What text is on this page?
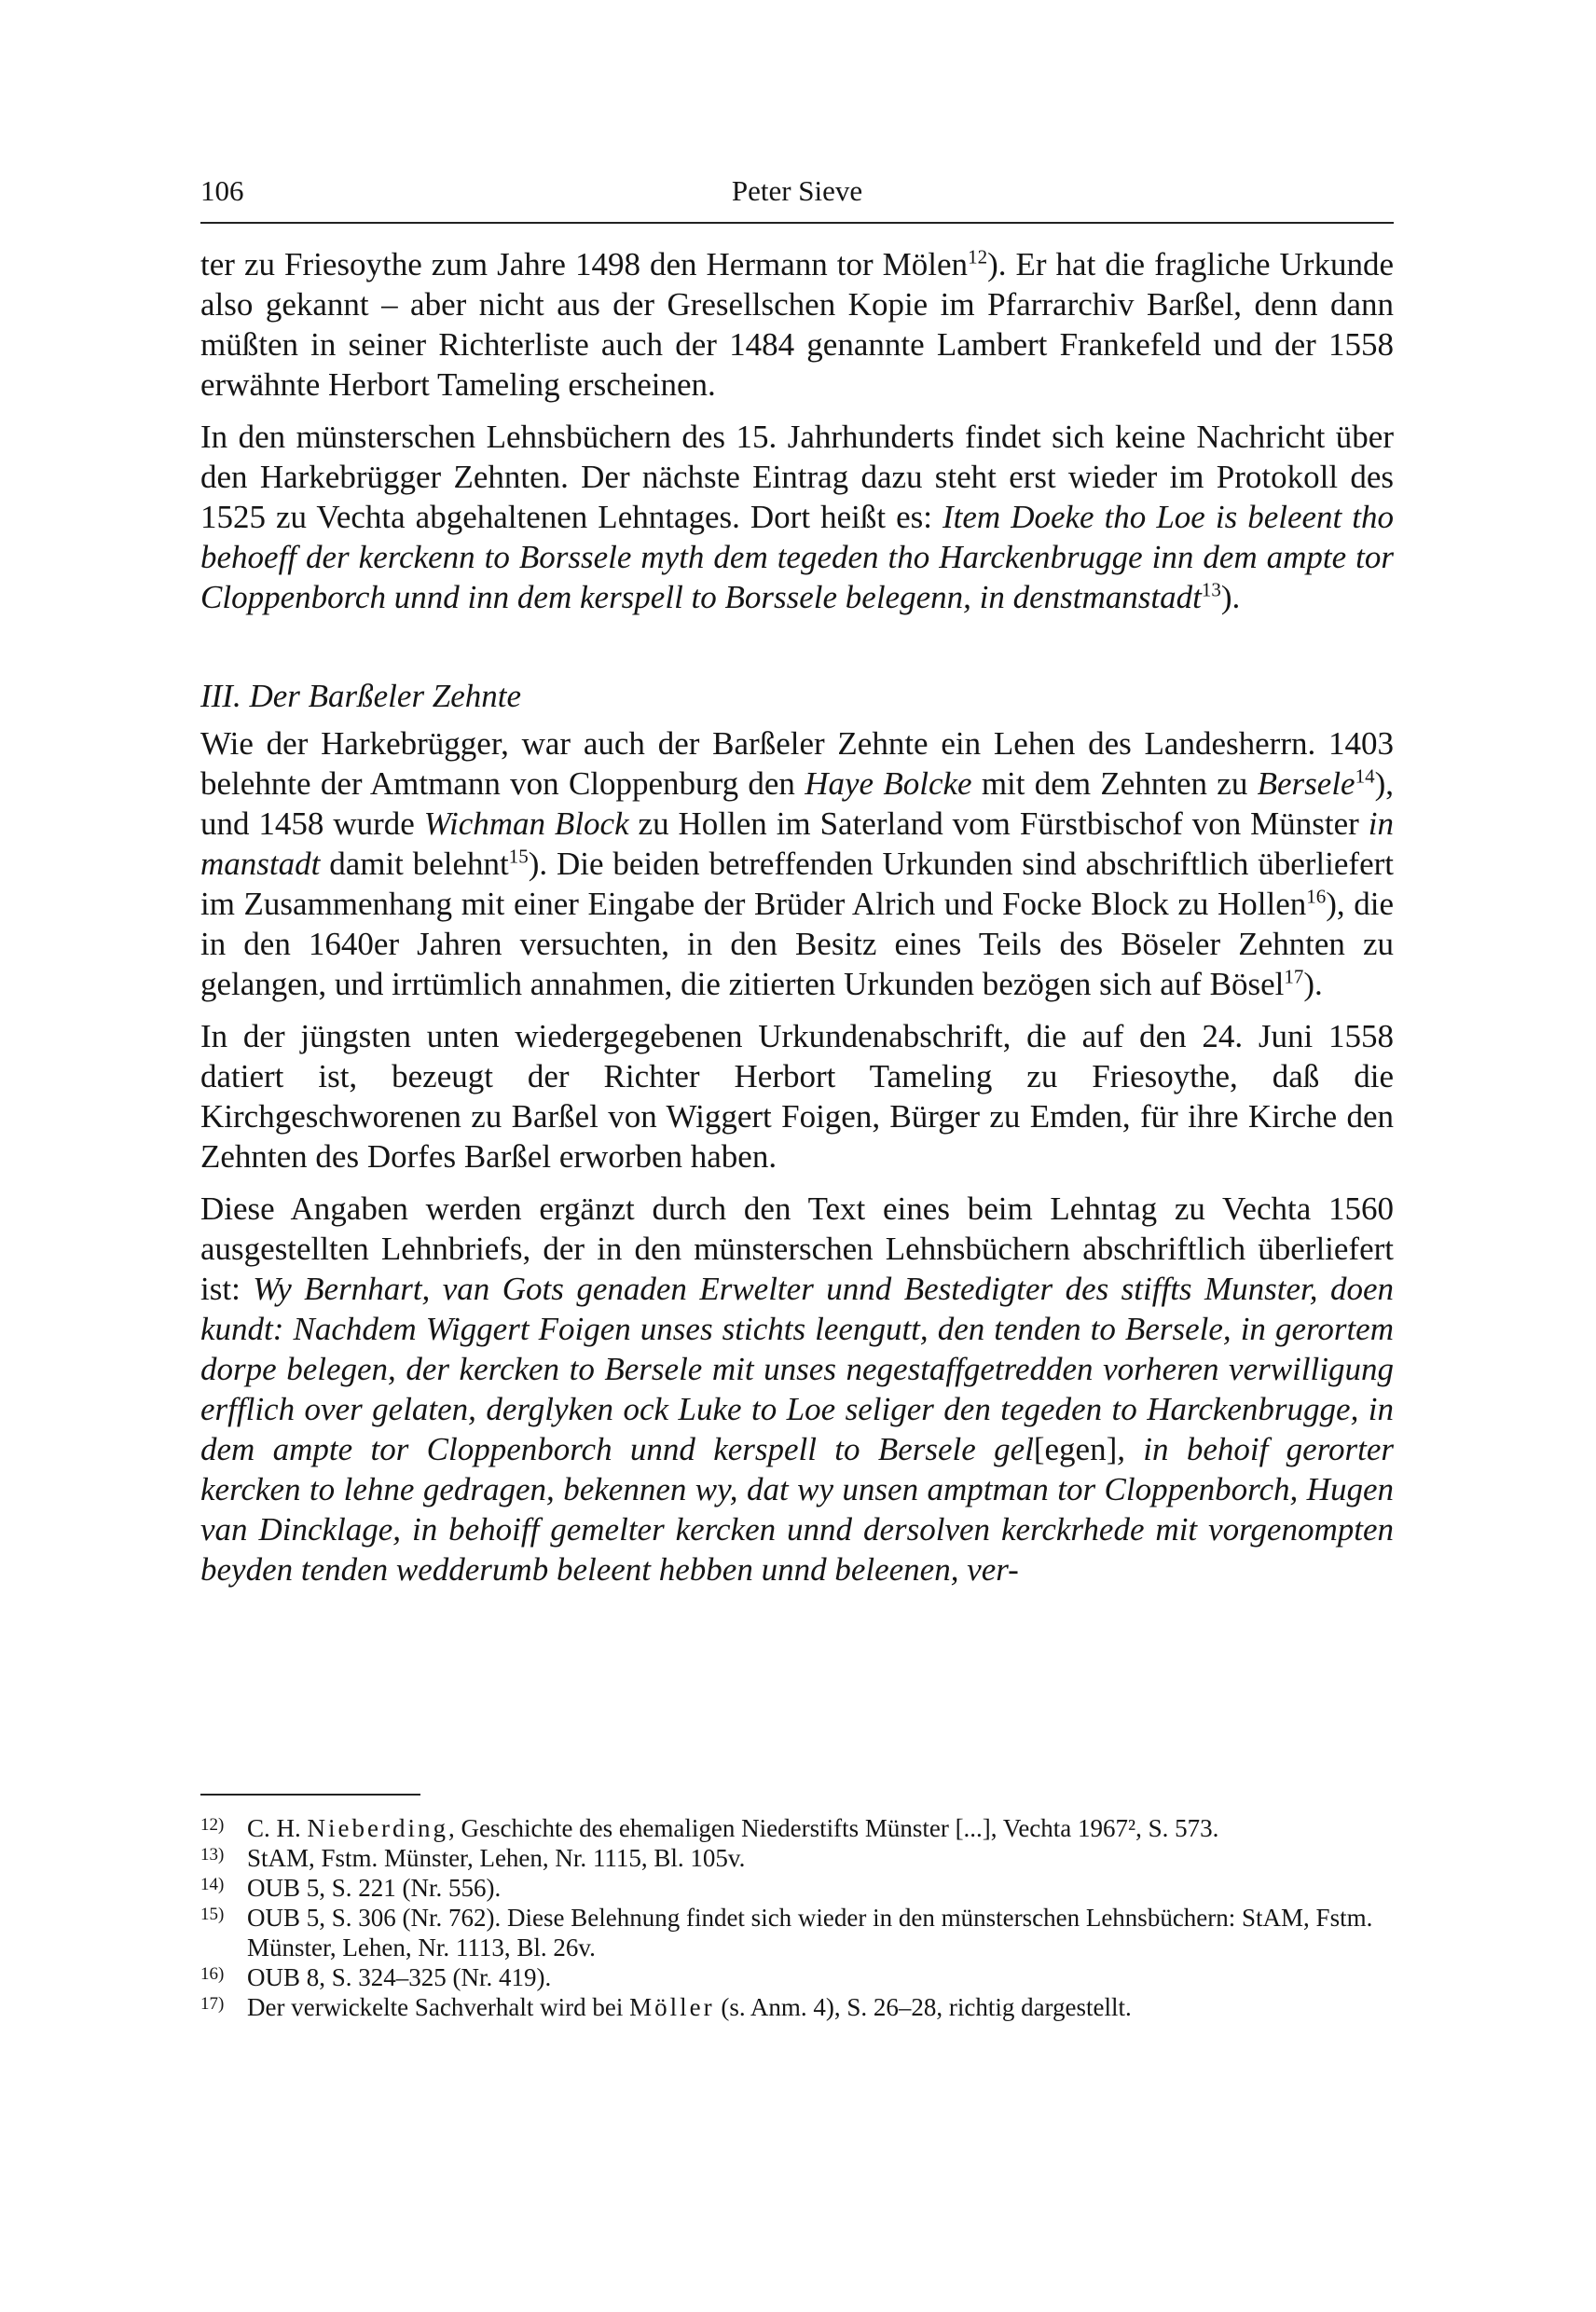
106	Peter Sieve

ter zu Friesoythe zum Jahre 1498 den Hermann tor Mölen$^{12}$). Er hat die fragliche Urkunde also gekannt – aber nicht aus der Gresellschen Kopie im Pfarrarchiv Barßel, denn dann müßten in seiner Richterliste auch der 1484 genannte Lambert Frankefeld und der 1558 erwähnte Herbort Tameling erscheinen.

In den münsterschen Lehnsbüchern des 15. Jahrhunderts findet sich keine Nachricht über den Harkebrügger Zehnten. Der nächste Eintrag dazu steht erst wieder im Protokoll des 1525 zu Vechta abgehaltenen Lehntages. Dort heißt es: Item Doeke tho Loe is beleent tho behoeff der kerckenn to Borssele myth dem tegeden tho Harckenbrugge inn dem ampte tor Cloppenborch unnd inn dem kerspell to Borssele belegenn, in denstmanstadt$^{13}$).

III. Der Barßeler Zehnte

Wie der Harkebrügger, war auch der Barßeler Zehnte ein Lehen des Landesherrn. 1403 belehnte der Amtmann von Cloppenburg den Haye Bolcke mit dem Zehnten zu Bersele$^{14}$), und 1458 wurde Wichman Block zu Hollen im Saterland vom Fürstbischof von Münster in manstadt damit belehnt$^{15}$). Die beiden betreffenden Urkunden sind abschriftlich überliefert im Zusammenhang mit einer Eingabe der Brüder Alrich und Focke Block zu Hollen$^{16}$), die in den 1640er Jahren versuchten, in den Besitz eines Teils des Böseler Zehnten zu gelangen, und irrtümlich annahmen, die zitierten Urkunden bezögen sich auf Bösel$^{17}$).

In der jüngsten unten wiedergegebenen Urkundenabschrift, die auf den 24. Juni 1558 datiert ist, bezeugt der Richter Herbort Tameling zu Friesoythe, daß die Kirchgeschworenen zu Barßel von Wiggert Foigen, Bürger zu Emden, für ihre Kirche den Zehnten des Dorfes Barßel erworben haben.

Diese Angaben werden ergänzt durch den Text eines beim Lehntag zu Vechta 1560 ausgestellten Lehnbriefs, der in den münsterschen Lehnsbüchern abschriftlich überliefert ist: Wy Bernhart, van Gots genaden Erwelter unnd Bestedigter des stiffts Munster, doen kundt: Nachdem Wiggert Foigen unses stichts leengutt, den tenden to Bersele, in gerortem dorpe belegen, der kercken to Bersele mit unses negestaffgetredden vorheren verwilligung erfflich over gelaten, derglyken ock Luke to Loe seliger den tegeden to Harckenbrugge, in dem ampte tor Cloppenborch unnd kerspell to Bersele gel[egen], in behoif gerorter kercken to lehne gedragen, bekennen wy, dat wy unsen amptman tor Cloppenborch, Hugen van Dincklage, in behoiff gemelter kercken unnd dersolven kerckrhede mit vorgenompten beyden tenden wedderumb beleent hebben unnd beleenen, ver-

12) C. H. Nieberding, Geschichte des ehemaligen Niederstifts Münster [...], Vechta 1967², S. 573.
13) StAM, Fstm. Münster, Lehen, Nr. 1115, Bl. 105v.
14) OUB 5, S. 221 (Nr. 556).
15) OUB 5, S. 306 (Nr. 762). Diese Belehnung findet sich wieder in den münsterschen Lehnsbüchern: StAM, Fstm. Münster, Lehen, Nr. 1113, Bl. 26v.
16) OUB 8, S. 324–325 (Nr. 419).
17) Der verwickelte Sachverhalt wird bei Möller (s. Anm. 4), S. 26–28, richtig dargestellt.
